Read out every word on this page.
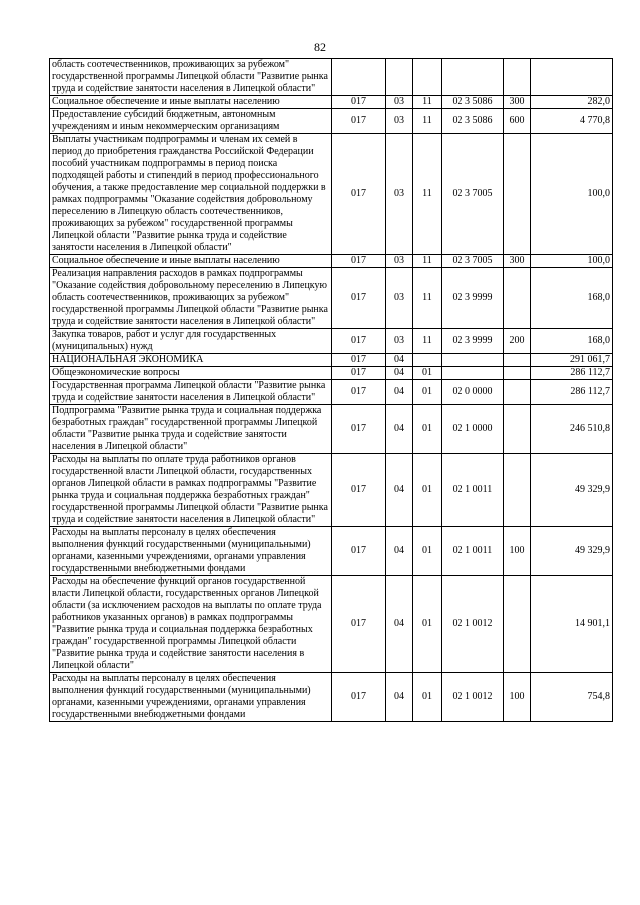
82
область соотечественников, проживающих за рубежом" государственной программы Липецкой области "Развитие рынка труда и содействие занятости населения в Липецкой области"						
Социальное обеспечение и иные выплаты населению	017	03	11	02 3 5086	300	282,0
Предоставление субсидий бюджетным, автономным учреждениям и иным некоммерческим организациям	017	03	11	02 3 5086	600	4 770,8
Выплаты участникам подпрограммы и членам их семей в период до приобретения гражданства Российской Федерации пособий участникам подпрограммы в период поиска подходящей работы и стипендий в период профессионального обучения, а также предоставление мер социальной поддержки в рамках подпрограммы "Оказание содействия добровольному переселению в Липецкую область соотечественников, проживающих за рубежом" государственной программы Липецкой области "Развитие рынка труда и содействие занятости населения в Липецкой области"	017	03	11	02 3 7005		100,0
Социальное обеспечение и иные выплаты населению	017	03	11	02 3 7005	300	100,0
Реализация направления расходов в рамках подпрограммы "Оказание содействия добровольному переселению в Липецкую область соотечественников, проживающих за рубежом" государственной программы Липецкой области "Развитие рынка труда и содействие занятости населения в Липецкой области"	017	03	11	02 3 9999		168,0
Закупка товаров, работ и услуг для государственных (муниципальных) нужд	017	03	11	02 3 9999	200	168,0
НАЦИОНАЛЬНАЯ ЭКОНОМИКА	017	04				291 061,7
Общеэкономические вопросы	017	04	01			286 112,7
Государственная программа Липецкой области "Развитие рынка труда и содействие занятости населения в Липецкой области"	017	04	01	02 0 0000		286 112,7
Подпрограмма "Развитие рынка труда и социальная поддержка безработных граждан" государственной программы Липецкой области "Развитие рынка труда и содействие занятости населения в Липецкой области"	017	04	01	02 1 0000		246 510,8
Расходы на выплаты по оплате труда работников органов государственной власти Липецкой области, государственных органов Липецкой области в рамках подпрограммы "Развитие рынка труда и социальная поддержка безработных граждан" государственной программы Липецкой области "Развитие рынка труда и содействие занятости населения в Липецкой области"	017	04	01	02 1 0011		49 329,9
Расходы на выплаты персоналу в целях обеспечения выполнения функций государственными (муниципальными) органами, казенными учреждениями, органами управления государственными внебюджетными фондами	017	04	01	02 1 0011	100	49 329,9
Расходы на обеспечение функций органов государственной власти Липецкой области, государственных органов Липецкой области (за исключением расходов на выплаты по оплате труда работников указанных органов) в рамках подпрограммы "Развитие рынка труда и социальная поддержка безработных граждан" государственной программы Липецкой области "Развитие рынка труда и содействие занятости населения в Липецкой области"	017	04	01	02 1 0012		14 901,1
Расходы на выплаты персоналу в целях обеспечения выполнения функций государственными (муниципальными) органами, казенными учреждениями, органами управления государственными внебюджетными фондами	017	04	01	02 1 0012	100	754,8
